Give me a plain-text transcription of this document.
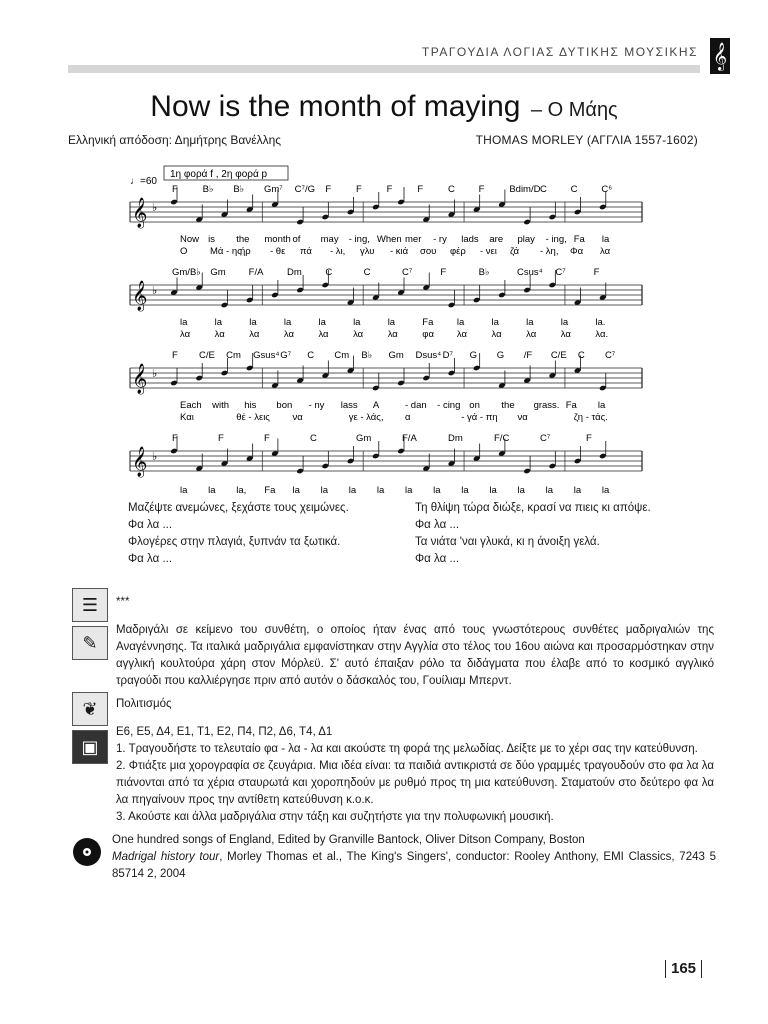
ΤΡΑΓΟΥΔΙΑ ΛΟΓΙΑΣ ΔΥΤΙΚΗΣ ΜΟΥΣΙΚΗΣ 𝄞
Now is the month of maying – Ο Μάης
Ελληνική απόδοση: Δημήτρης Βανέλλης	THOMAS MORLEY (ΑΓΓΛΙΑ 1557-1602)
♩=60
1η φορά f , 2η φορά p
𝄞 ♭
F	B♭ B♭ Gm⁷ C⁷/G F	F	F	F	C	F	Bdim/D C	C	C⁶
Now is the month of may - ing, When mer - ry lads are play - ing, Fa la
Ο Μά - ης
ήρ - θε πά - λι, γλυ - κιά σου φέρ - νει ζά - λη, Φα λα
𝄞 ♭
Gm/B♭ Gm F/A Dm C	C	C⁷	F	B♭	Csus⁴ C⁷	F
la	la	la	la	la	la	la	Fa la	la	la	la	la.
λα	λα	λα	λα	λα	λα	λα	φα λα	λα	λα	λα	λα.
𝄞 ♭
F C/E Cm Gsus⁴ G⁷ C Cm B♭ Gm Dsus⁴ D⁷ G G /F C/E C C⁷
Each with his bon - ny lass A	- dan - cing on the grass. Fa la
Και	θέ - λεις να	γε - λάς, α	- γά - πη να	ζη - τάς.
𝄞 ♭
F	F	F	C	Gm	F/A	Dm	F/C	C⁷	F
la la la, Fa la la la la la la la la la la la la
Μαζέψτε ανεμώνες, ξεχάστε τους χειμώνες.
Φα λα ...
Φλογέρες στην πλαγιά, ξυπνάν τα ξωτικά.
Φα λα ...
Τη θλίψη τώρα διώξε, κρασί να πιεις κι απόψε.
Φα λα ...
Τα νιάτα 'ναι γλυκά, κι η άνοιξη γελά.
Φα λα ...
☰	***
✎
Μαδριγάλι σε κείμενο του συνθέτη, ο οποίος ήταν ένας από τους γνωστότερους συνθέτες μαδριγαλιών της Αναγέννησης. Τα ιταλικά μαδριγάλια εμφανίστηκαν στην Αγγλία στο τέλος του 16ου αιώνα και προσαρμόστηκαν στην αγγλική κουλτούρα χάρη στον Μόρλεϋ. Σ' αυτό έπαιξαν ρόλο τα διδάγματα που έλαβε από το κοσμικό αγγλικό τραγούδι που καλλιέργησε πριν από αυτόν ο δάσκαλός του, Γουίλιαμ Μπερντ.
❦	Πολιτισμός
▣
Ε6, Ε5, Δ4, Ε1, Τ1, Ε2, Π4, Π2, Δ6, Τ4, Δ1
1. Τραγουδήστε το τελευταίο φα - λα - λα και ακούστε τη φορά της μελωδίας. Δείξτε με το χέρι σας την κατεύθυνση.
2. Φτιάξτε μια χορογραφία σε ζευγάρια. Μια ιδέα είναι: τα παιδιά αντικριστά σε δύο γραμμές τραγουδούν στο φα λα λα πιάνονται από τα χέρια σταυρωτά και χοροπηδούν με ρυθμό προς τη μια κατεύθυνση. Σταματούν στο δεύτερο φα λα λα πηγαίνουν προς την αντίθετη κατεύθυνση κ.ο.κ.
3. Ακούστε και άλλα μαδριγάλια στην τάξη και συζητήστε για την πολυφωνική μουσική.
One hundred songs of England, Edited by Granville Bantock, Oliver Ditson Company, Boston
Madrigal history tour, Morley Thomas et al., The King's Singers', conductor: Rooley Anthony, EMI Classics, 7243 5 85714 2, 2004
165
